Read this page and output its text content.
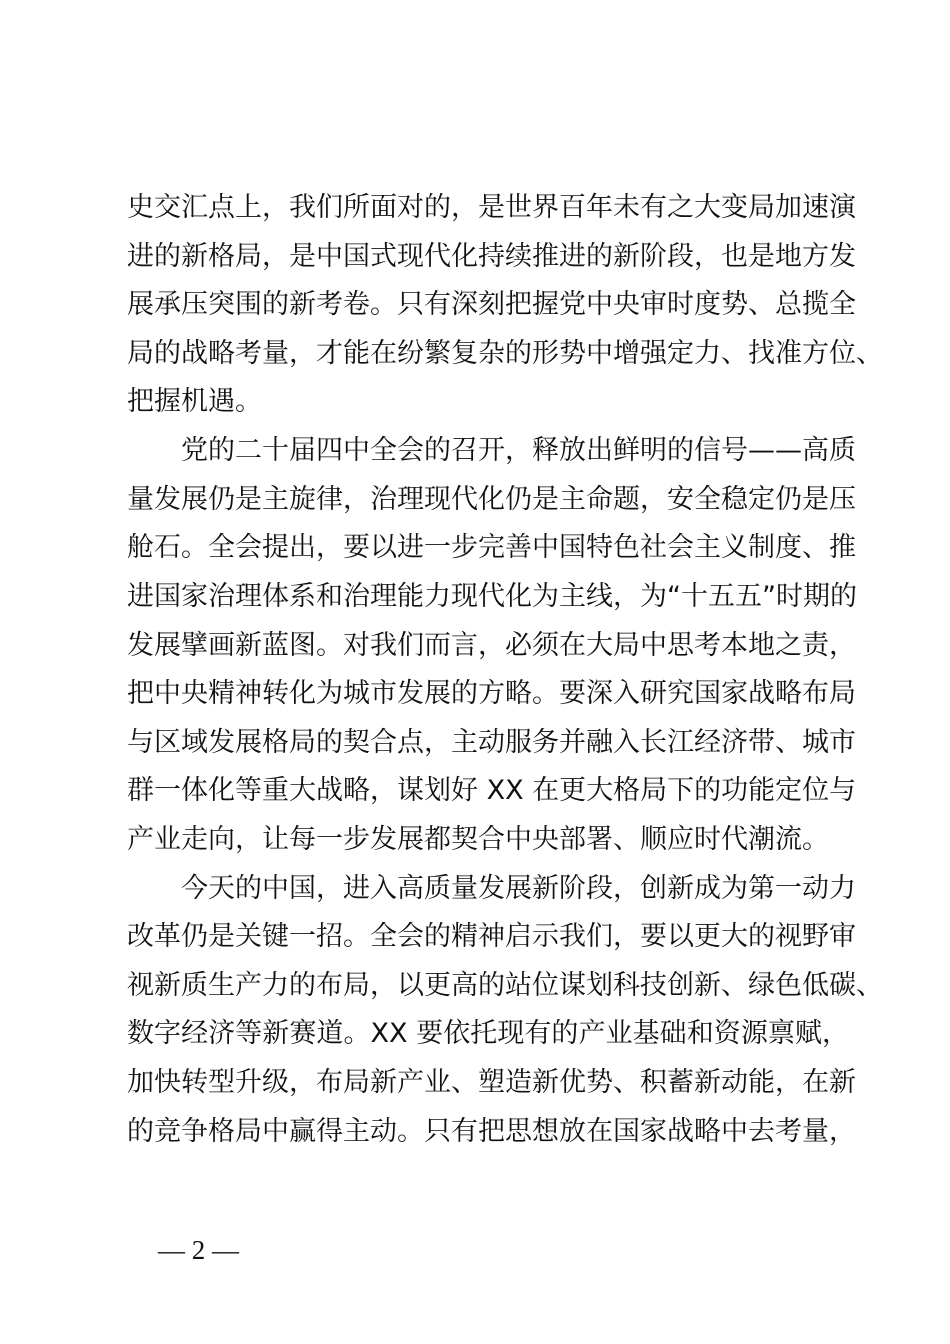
史交汇点上，我们所面对的，是世界百年未有之大变局加速演
进的新格局，是中国式现代化持续推进的新阶段，也是地方发
展承压突围的新考卷。只有深刻把握党中央审时度势、总揽全
局的战略考量，才能在纷繁复杂的形势中增强定力、找准方位、
把握机遇。
　　党的二十届四中全会的召开，释放出鲜明的信号——高质
量发展仍是主旋律，治理现代化仍是主命题，安全稳定仍是压
舱石。全会提出，要以进一步完善中国特色社会主义制度、推
进国家治理体系和治理能力现代化为主线，为“十五五”时期的
发展擘画新蓝图。对我们而言，必须在大局中思考本地之责，
把中央精神转化为城市发展的方略。要深入研究国家战略布局
与区域发展格局的契合点，主动服务并融入长江经济带、城市
群一体化等重大战略，谋划好 XX 在更大格局下的功能定位与
产业走向，让每一步发展都契合中央部署、顺应时代潮流。
　　今天的中国，进入高质量发展新阶段，创新成为第一动力
改革仍是关键一招。全会的精神启示我们，要以更大的视野审
视新质生产力的布局，以更高的站位谋划科技创新、绿色低碳、
数字经济等新赛道。XX 要依托现有的产业基础和资源禀赋，
加快转型升级，布局新产业、塑造新优势、积蓄新动能，在新
的竞争格局中赢得主动。只有把思想放在国家战略中去考量，
— 2 —
